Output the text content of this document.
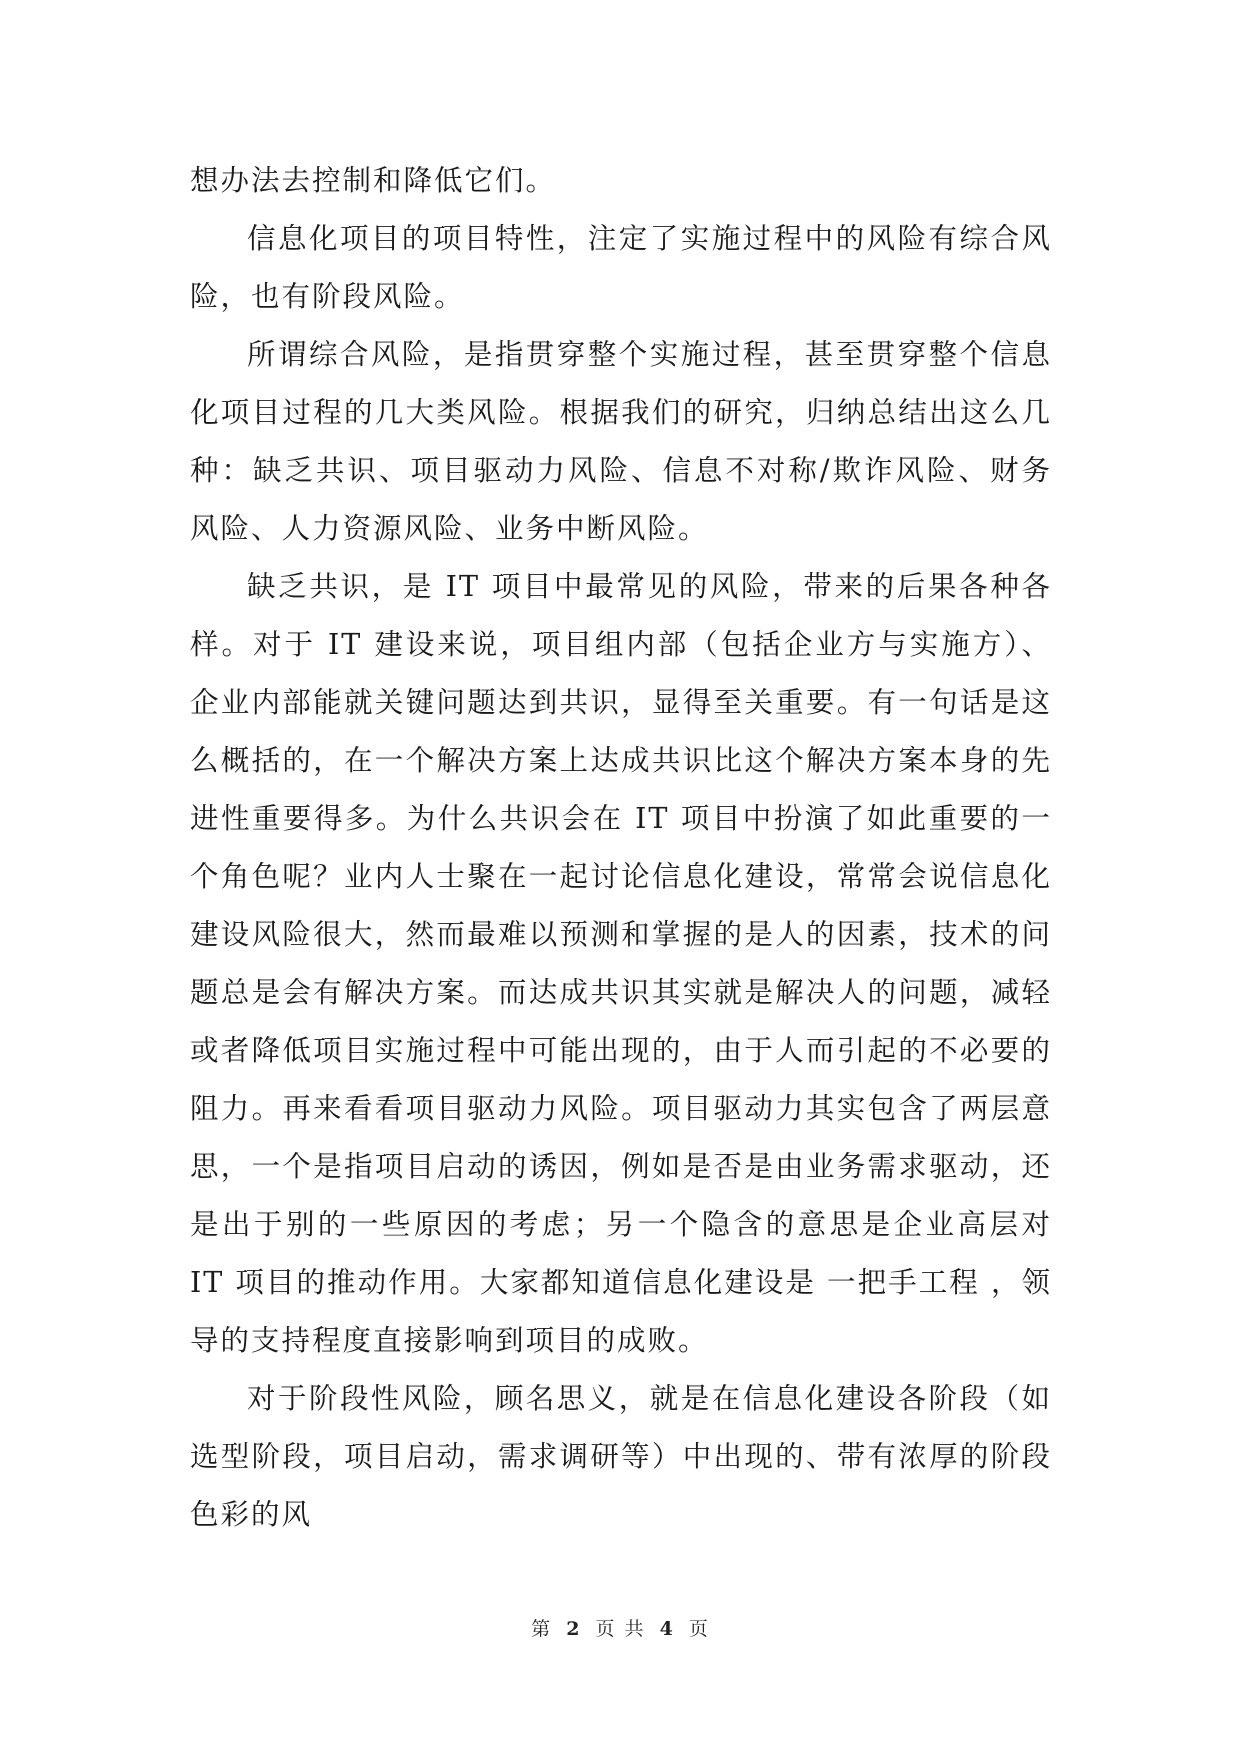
想办法去控制和降低它们。

信息化项目的项目特性，注定了实施过程中的风险有综合风险，也有阶段风险。

所谓综合风险，是指贯穿整个实施过程，甚至贯穿整个信息化项目过程的几大类风险。根据我们的研究，归纳总结出这么几种：缺乏共识、项目驱动力风险、信息不对称/欺诈风险、财务风险、人力资源风险、业务中断风险。

缺乏共识，是 IT 项目中最常见的风险，带来的后果各种各样。对于 IT 建设来说，项目组内部（包括企业方与实施方）、企业内部能就关键问题达到共识，显得至关重要。有一句话是这么概括的，在一个解决方案上达成共识比这个解决方案本身的先进性重要得多。为什么共识会在 IT 项目中扮演了如此重要的一个角色呢？业内人士聚在一起讨论信息化建设，常常会说信息化建设风险很大，然而最难以预测和掌握的是人的因素，技术的问题总是会有解决方案。而达成共识其实就是解决人的问题，减轻或者降低项目实施过程中可能出现的，由于人而引起的不必要的阻力。再来看看项目驱动力风险。项目驱动力其实包含了两层意思，一个是指项目启动的诱因，例如是否是由业务需求驱动，还是出于别的一些原因的考虑；另一个隐含的意思是企业高层对 IT 项目的推动作用。大家都知道信息化建设是 一把手工程 ，领导的支持程度直接影响到项目的成败。

对于阶段性风险，顾名思义，就是在信息化建设各阶段（如选型阶段，项目启动，需求调研等）中出现的、带有浓厚的阶段色彩的风

第 2 页 共 4 页
